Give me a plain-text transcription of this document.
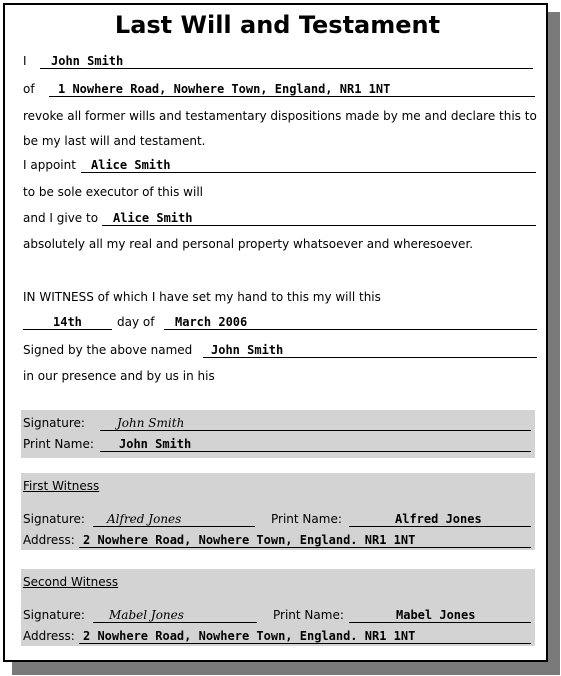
Last Will and Testament
I John Smith
of 1 Nowhere Road, Nowhere Town, England, NR1 1NT
revoke all former wills and testamentary dispositions made by me and declare this to
be my last will and testament.
I appoint Alice Smith
to be sole executor of this will
and I give to Alice Smith
absolutely all my real and personal property whatsoever and wheresoever.
IN WITNESS of which I have set my hand to this my will this
14th	day of March 2006
Signed by the above named John Smith
in our presence and by us in his
Signature:	John Smith
Print Name: John Smith
First Witness
Signature: Alfred Jones	Print Name:	Alfred Jones
Address: 2 Nowhere Road, Nowhere Town, England. NR1 1NT
Second Witness
Signature: Mabel Jones	Print Name:	Mabel Jones
Address: 2 Nowhere Road, Nowhere Town, England. NR1 1NT
